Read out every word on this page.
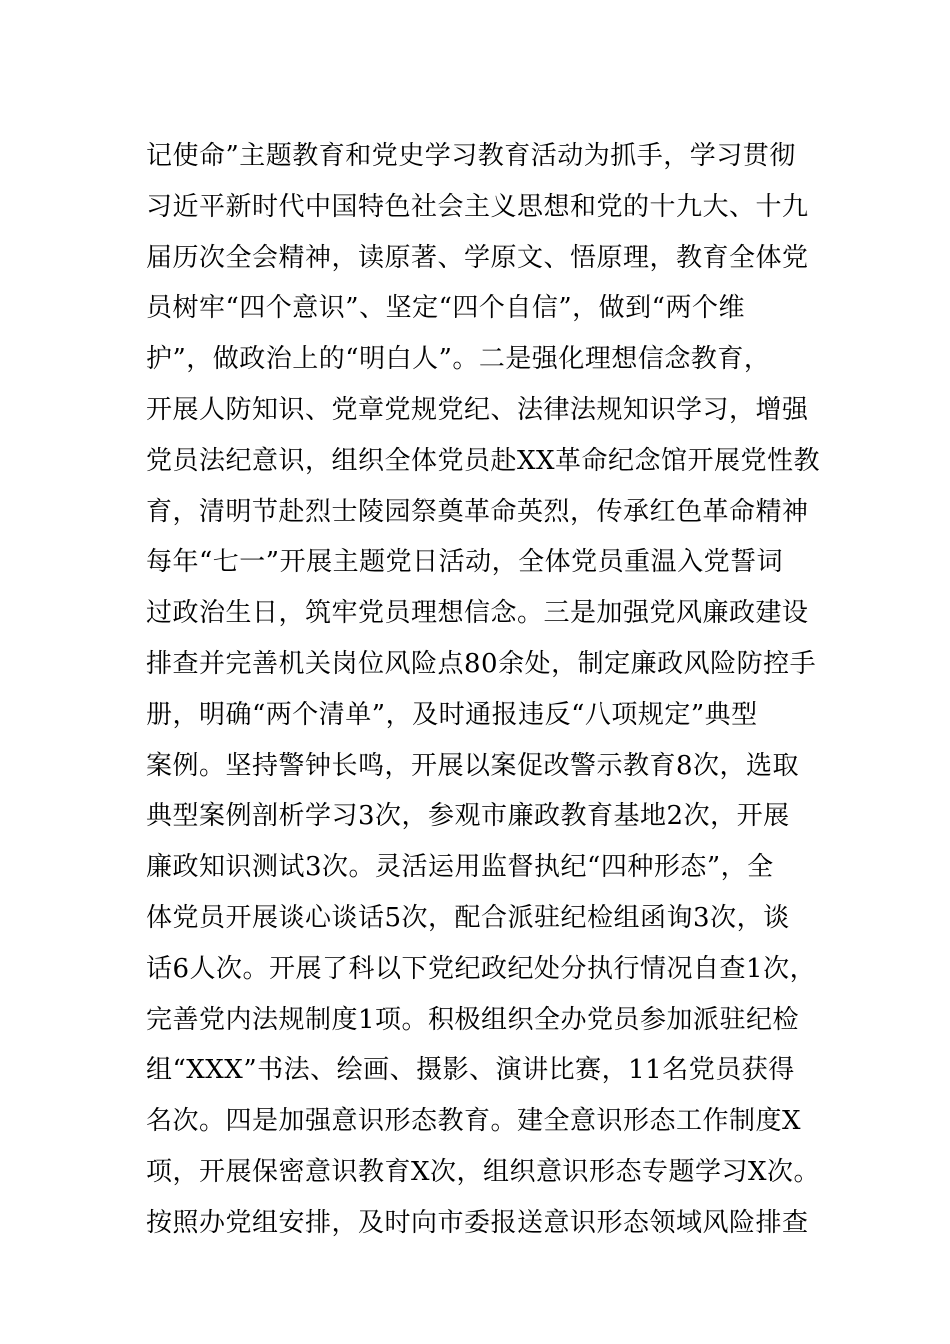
记使命”主题教育和党史学习教育活动为抓手，学习贯彻
习近平新时代中国特色社会主义思想和党的十九大、十九
届历次全会精神，读原著、学原文、悟原理，教育全体党
员树牢“四个意识”、坚定“四个自信”，做到“两个维
护”，做政治上的“明白人”。二是强化理想信念教育，
开展人防知识、党章党规党纪、法律法规知识学习，增强
党员法纪意识，组织全体党员赴XX革命纪念馆开展党性教
育，清明节赴烈士陵园祭奠革命英烈，传承红色革命精神
每年“七一”开展主题党日活动，全体党员重温入党誓词
过政治生日，筑牢党员理想信念。三是加强党风廉政建设
排查并完善机关岗位风险点80余处，制定廉政风险防控手
册，明确“两个清单”，及时通报违反“八项规定”典型
案例。坚持警钟长鸣，开展以案促改警示教育8次，选取
典型案例剖析学习3次，参观市廉政教育基地2次，开展
廉政知识测试3次。灵活运用监督执纪“四种形态”，全
体党员开展谈心谈话5次，配合派驻纪检组函询3次，谈
话6人次。开展了科以下党纪政纪处分执行情况自查1次，
完善党内法规制度1项。积极组织全办党员参加派驻纪检
组“XXX”书法、绘画、摄影、演讲比赛，11名党员获得
名次。四是加强意识形态教育。建全意识形态工作制度X
项，开展保密意识教育X次，组织意识形态专题学习X次。
按照办党组安排，及时向市委报送意识形态领域风险排查
